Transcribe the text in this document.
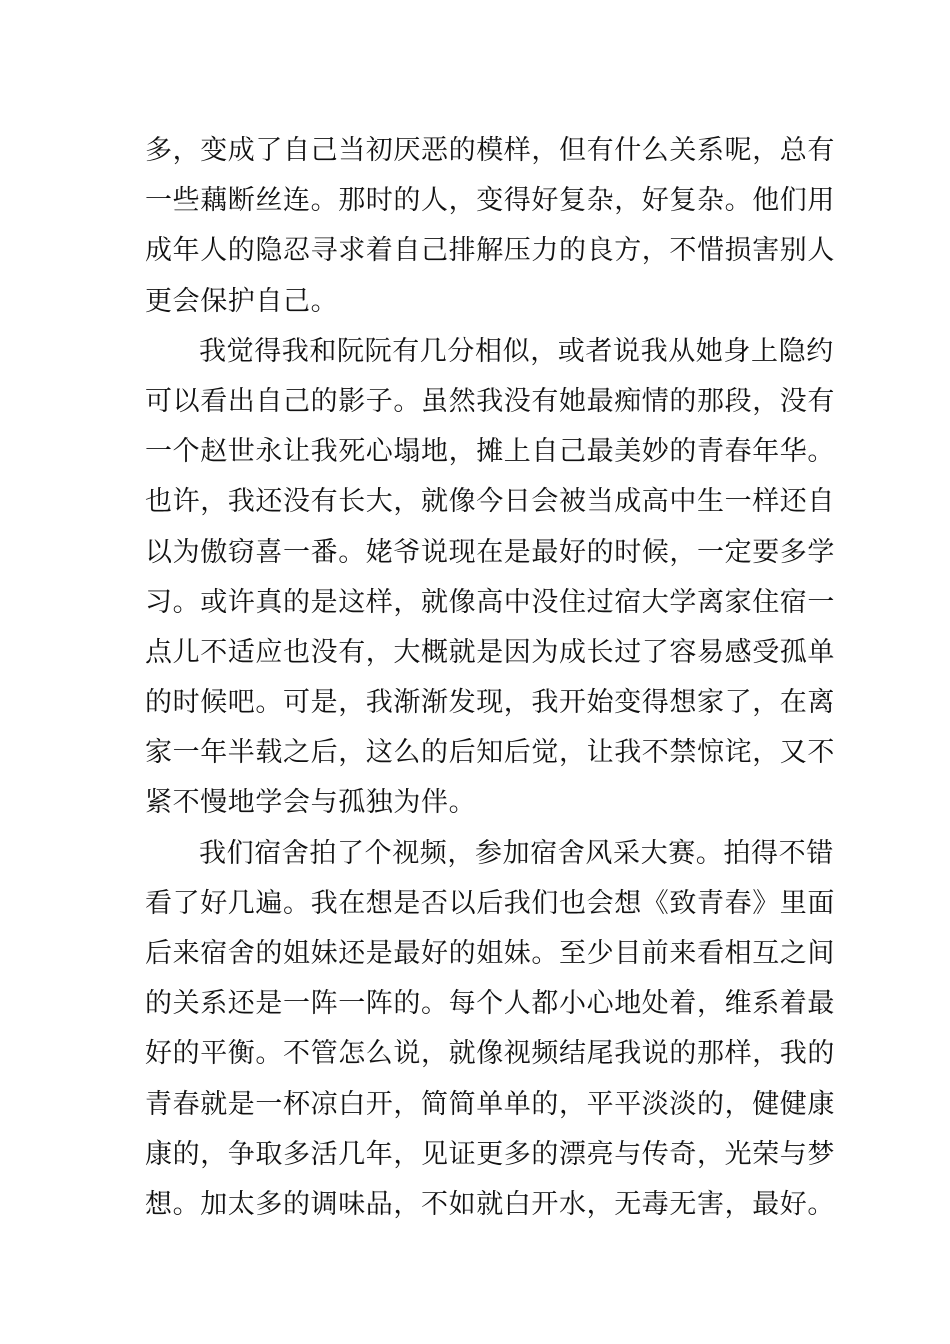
多，变成了自己当初厌恶的模样，但有什么关系呢，总有
一些藕断丝连。那时的人，变得好复杂，好复杂。他们用
成年人的隐忍寻求着自己排解压力的良方，不惜损害别人
更会保护自己。
我觉得我和阮阮有几分相似，或者说我从她身上隐约
可以看出自己的影子。虽然我没有她最痴情的那段，没有
一个赵世永让我死心塌地，摊上自己最美妙的青春年华。
也许，我还没有长大，就像今日会被当成高中生一样还自
以为傲窃喜一番。姥爷说现在是最好的时候，一定要多学
习。或许真的是这样，就像高中没住过宿大学离家住宿一
点儿不适应也没有，大概就是因为成长过了容易感受孤单
的时候吧。可是，我渐渐发现，我开始变得想家了，在离
家一年半载之后，这么的后知后觉，让我不禁惊诧，又不
紧不慢地学会与孤独为伴。
我们宿舍拍了个视频，参加宿舍风采大赛。拍得不错
看了好几遍。我在想是否以后我们也会想《致青春》里面
后来宿舍的姐妹还是最好的姐妹。至少目前来看相互之间
的关系还是一阵一阵的。每个人都小心地处着，维系着最
好的平衡。不管怎么说，就像视频结尾我说的那样，我的
青春就是一杯凉白开，简简单单的，平平淡淡的，健健康
康的，争取多活几年，见证更多的漂亮与传奇，光荣与梦
想。加太多的调味品，不如就白开水，无毒无害，最好。
